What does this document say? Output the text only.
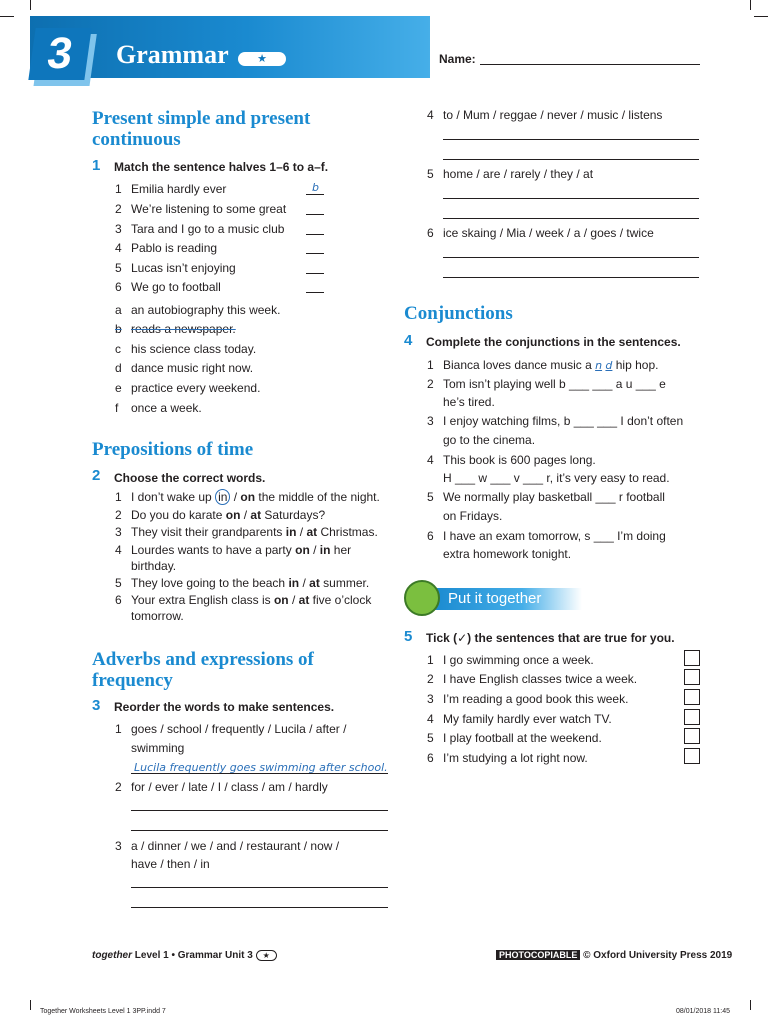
3	Grammar	★	Name:
Present simple and present continuous
1 Match the sentence halves 1–6 to a–f.
1 Emilia hardly ever	b
2 We’re listening to some great
3 Tara and I go to a music club
4 Pablo is reading
5 Lucas isn’t enjoying
6 We go to football
a an autobiography this week.
b reads a newspaper.
c his science class today.
d dance music right now.
e practice every weekend.
f once a week.
Prepositions of time
2 Choose the correct words.
1 I don’t wake up in / on the middle of the night.
2 Do you do karate on / at Saturdays?
3 They visit their grandparents in / at Christmas.
4 Lourdes wants to have a party on / in her
birthday.
5 They love going to the beach in / at summer.
6 Your extra English class is on / at five o’clock
tomorrow.
Adverbs and expressions of frequency
3 Reorder the words to make sentences.
1 goes / school / frequently / Lucila / after /
swimming
Lucila frequently goes swimming after school.
2 for / ever / late / I / class / am / hardly
3 a / dinner / we / and / restaurant / now /
have / then / in
4 to / Mum / reggae / never / music / listens
5 home / are / rarely / they / at
6 ice skaing / Mia / week / a / goes / twice
Conjunctions
4 Complete the conjunctions in the sentences.
1 Bianca loves dance music a n d hip hop.
2 Tom isn’t playing well b ___ ___ a u ___ e
he’s tired.
3 I enjoy watching films, b ___ ___ I don’t often
go to the cinema.
4 This book is 600 pages long.
H ___ w ___ v ___ r, it’s very easy to read.
5 We normally play basketball ___ r football
on Fridays.
6 I have an exam tomorrow, s ___ I’m doing
extra homework tonight.
Put it together
5 Tick (✓) the sentences that are true for you.
1 I go swimming once a week.
2 I have English classes twice a week.
3 I’m reading a good book this week.
4 My family hardly ever watch TV.
5 I play football at the weekend.
6 I’m studying a lot right now.
together Level 1 • Grammar Unit 3 ★	PHOTOCOPIABLE © Oxford University Press 2019
Together Worksheets Level 1 3PP.indd 7	08/01/2018 11:45
